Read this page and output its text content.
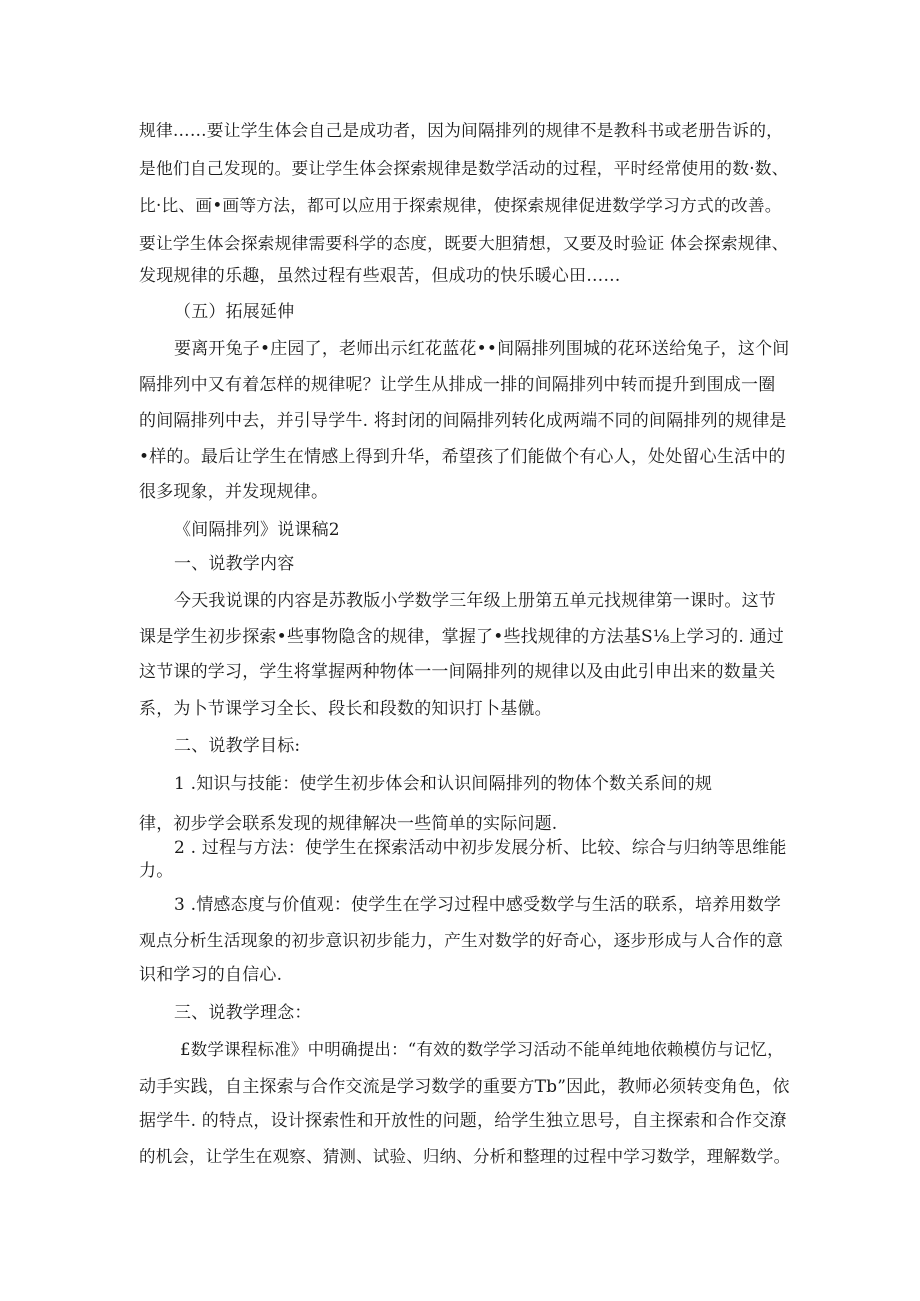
规律……要让学生体会自己是成功者，因为间隔排列的规律不是教科书或老册告诉的，
是他们自己发现的。要让学生体会探索规律是数学活动的过程，平时经常使用的数·数、
比·比、画•画等方法，都可以应用于探索规律，使探索规律促进数学学习方式的改善。
要让学生体会探索规律需要科学的态度，既要大胆猜想，又要及时验证 体会探索规律、
发现规律的乐趣，虽然过程有些艰苦，但成功的快乐暖心田……
（五）拓展延伸
要离开兔子•庄园了，老师出示红花蓝花••间隔排列围城的花环送给兔子，这个间
隔排列中又有着怎样的规律呢？让学生从排成一排的间隔排列中转而提升到围成一圈
的间隔排列中去，并引导学牛. 将封闭的间隔排列转化成两端不同的间隔排列的规律是
•样的。最后让学生在情感上得到升华，希望孩了们能做个有心人，处处留心生活中的
很多现象，并发现规律。
《间隔排列》说课稿2
一、说教学内容
今天我说课的内容是苏教版小学数学三年级上册第五单元找规律第一课时。这节
课是学生初步探索•些事物隐含的规律，掌握了•些找规律的方法基S⅛上学习的. 通过
这节课的学习，学生将掌握两种物体一一间隔排列的规律以及由此引申出来的数量关
系，为卜节课学习全长、段长和段数的知识打卜基僦。
二、说教学目标:
1 .知识与技能：使学生初步体会和认识间隔排列的物体个数关系间的规
律，初步学会联系发现的规律解决一些简单的实际问题.
2 . 过程与方法：使学生在探索活动中初步发展分析、比较、综合与归纳等思维能
力。
3 .情感态度与价值观：使学生在学习过程中感受数学与生活的联系，培养用数学
观点分析生活现象的初步意识初步能力，产生对数学的好奇心，逐步形成与人合作的意
识和学习的自信心.
三、说教学理念：
£数学课程标准》中明确提出：“有效的数学学习活动不能单纯地依赖模仿与记忆，
动手实践，自主探索与合作交流是学习数学的重要方Tb”因此，教师必须转变角色，依
据学牛. 的特点，设计探索性和开放性的问题，给学生独立思号，自主探索和合作交潦
的机会，让学生在观察、猜测、试验、归纳、分析和整理的过程中学习数学，理解数学。
